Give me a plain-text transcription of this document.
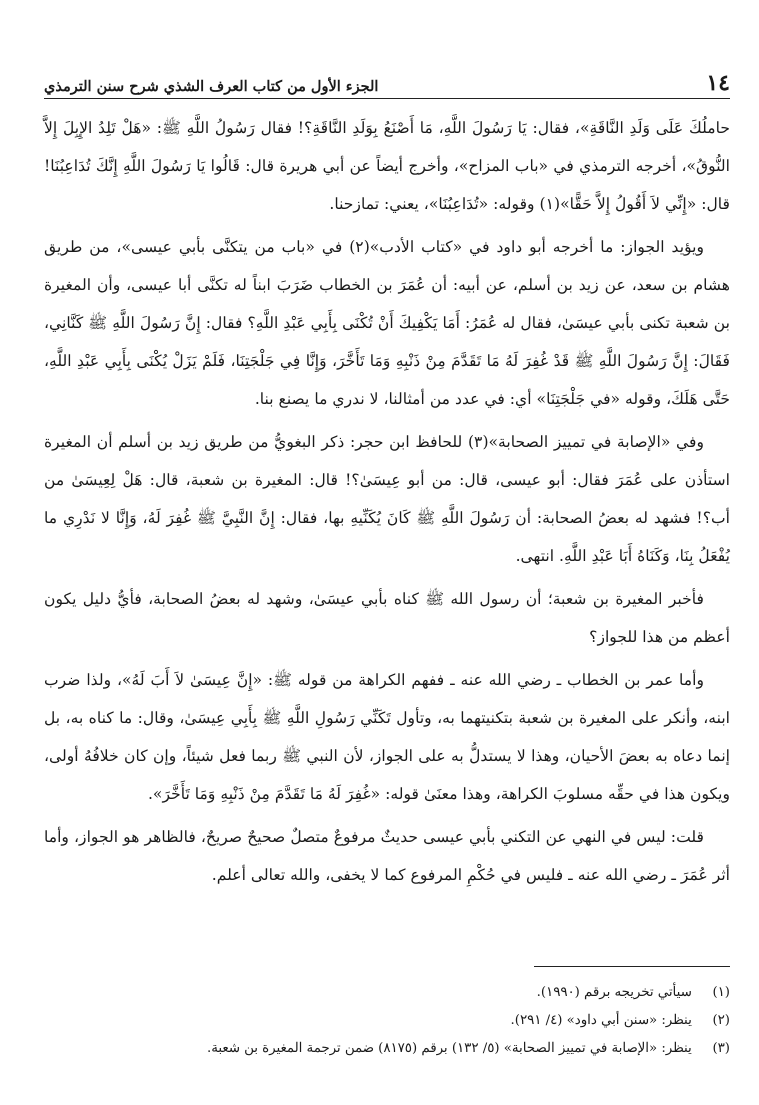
١٤
الجزء الأول من كتاب العرف الشذي شرح سنن الترمذي

حاملُكَ عَلَى وَلَدِ النَّاقَةِ»، فقال: يَا رَسُولَ اللَّهِ، مَا أَصْنَعُ بِوَلَدِ النَّاقَةِ؟! فقال رَسُولُ اللَّهِ ﷺ: «هَلْ تَلِدُ الإِبِلَ إِلاَّ النُّوقُ»، أخرجه الترمذي في «باب المزاح»، وأخرج أيضاً عن أبي هريرة قال: قَالُوا يَا رَسُولَ اللَّهِ إِنَّكَ تُدَاعِبُنَا! قال: «إِنِّي لاَ أَقُولُ إِلاَّ حَقًّا»(١) وقوله: «تُدَاعِبُنَا»، يعني: تمازحنا.

ويؤيد الجواز: ما أخرجه أبو داود في «كتاب الأدب»(٢) في «باب من يتكنَّى بأبي عيسى»، من طريق هشام بن سعد، عن زيد بن أسلم، عن أبيه: أن عُمَرَ بن الخطاب ضَرَبَ ابناً له تكنَّى أبا عيسى، وأن المغيرة بن شعبة تكنى بأبي عيسَىٰ، فقال له عُمَرُ: أَمَا يَكْفِيكَ أَنْ تُكْنَى بِأَبِي عَبْدِ اللَّهِ؟ فقال: إِنَّ رَسُولَ اللَّهِ ﷺ كَنَّانِي، فَقَالَ: إِنَّ رَسُولَ اللَّهِ ﷺ قَدْ غُفِرَ لَهُ مَا تَقَدَّمَ مِنْ ذَنْبِهِ وَمَا تَأَخَّرَ، وَإِنَّا فِي جَلْجَتِنَا، فَلَمْ يَزَلْ يُكْنَى بِأَبِي عَبْدِ اللَّهِ، حَتَّى هَلَكَ، وقوله «في جَلْجَتِنَا» أي: في عدد من أمثالنا، لا ندري ما يصنع بنا.

وفي «الإصابة في تمييز الصحابة»(٣) للحافظ ابن حجر: ذكر البغويُّ من طريق زيد بن أسلم أن المغيرة استأذن على عُمَرَ فقال: أبو عيسى، قال: من أبو عِيسَىٰ؟! قال: المغيرة بن شعبة، قال: هَلْ لِعِيسَىٰ من أب؟! فشهد له بعضُ الصحابة: أن رَسُولَ اللَّهِ ﷺ كَانَ يُكَنِّيهِ بها، فقال: إِنَّ النَّبِيَّ ﷺ غُفِرَ لَهُ، وَإِنَّا لا نَدْرِي ما يُفْعَلُ بِنَا، وَكَنَاهُ أَبَا عَبْدِ اللَّهِ. انتهى.

فأخبر المغيرة بن شعبة؛ أن رسول الله ﷺ كناه بأبي عيسَىٰ، وشهد له بعضُ الصحابة، فأيُّ دليل يكون أعظم من هذا للجواز؟

وأما عمر بن الخطاب ـ رضي الله عنه ـ ففهم الكراهة من قوله ﷺ: «إِنَّ عِيسَىٰ لاَ أَبَ لَهُ»، ولذا ضرب ابنه، وأنكر على المغيرة بن شعبة بتكنيتهما به، وتأول تَكَنِّي رَسُولِ اللَّهِ ﷺ بِأَبِي عِيسَىٰ، وقال: ما كناه به، بل إنما دعاه به بعضَ الأحيان، وهذا لا يستدلُّ به على الجواز، لأن النبي ﷺ ربما فعل شيئاً، وإن كان خلافُهُ أولى، ويكون هذا في حقِّه مسلوبَ الكراهة، وهذا معنَىٰ قوله: «غُفِرَ لَهُ مَا تَقَدَّمَ مِنْ ذَنْبِهِ وَمَا تَأَخَّرَ».

قلت: ليس في النهي عن التكني بأبي عيسى حديثٌ مرفوعٌ متصلٌ صحيحٌ صريحٌ، فالظاهر هو الجواز، وأما أثر عُمَرَ ـ رضي الله عنه ـ فليس في حُكْمِ المرفوع كما لا يخفى، والله تعالى أعلم.

(١) سيأتي تخريجه برقم (١٩٩٠).
(٢) ينظر: «سنن أبي داود» (٤/ ٢٩١).
(٣) ينظر: «الإصابة في تمييز الصحابة» (٥/ ١٣٢) برقم (٨١٧٥) ضمن ترجمة المغيرة بن شعبة.
